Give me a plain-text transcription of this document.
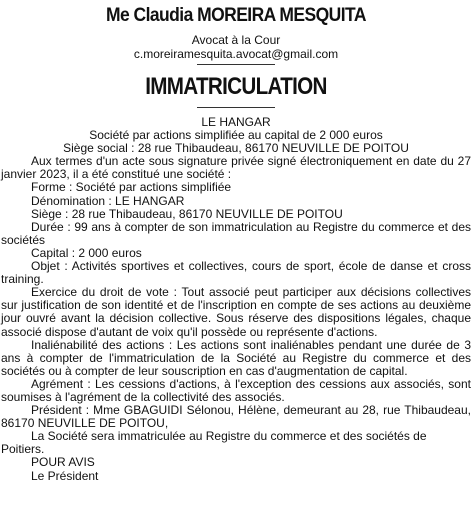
Me Claudia MOREIRA MESQUITA
Avocat à la Cour
c.moreiramesquita.avocat@gmail.com
IMMATRICULATION
LE HANGAR
Société par actions simplifiée au capital de 2 000 euros
Siège social : 28 rue Thibaudeau, 86170 NEUVILLE DE POITOU

Aux termes d'un acte sous signature privée signé électroniquement en date du 27 janvier 2023, il a été constitué une société :

Forme : Société par actions simplifiée

Dénomination : LE HANGAR

Siège : 28 rue Thibaudeau, 86170 NEUVILLE DE POITOU

Durée : 99 ans à compter de son immatriculation au Registre du commerce et des sociétés

Capital : 2 000 euros

Objet : Activités sportives et collectives, cours de sport, école de danse et cross training.

Exercice du droit de vote : Tout associé peut participer aux décisions collectives sur justification de son identité et de l'inscription en compte de ses actions au deuxième jour ouvré avant la décision collective. Sous réserve des dispositions légales, chaque associé dispose d'autant de voix qu'il possède ou représente d'actions.

Inaliénabilité des actions : Les actions sont inaliénables pendant une durée de 3 ans à compter de l'immatriculation de la Société au Registre du commerce et des sociétés ou à compter de leur souscription en cas d'augmentation de capital.

Agrément : Les cessions d'actions, à l'exception des cessions aux associés, sont soumises à l'agrément de la collectivité des associés.

Président : Mme GBAGUIDI Sélonou, Hélène, demeurant au 28, rue Thibaudeau, 86170 NEUVILLE DE POITOU,

La Société sera immatriculée au Registre du commerce et des sociétés de Poitiers.

POUR AVIS

Le Président
